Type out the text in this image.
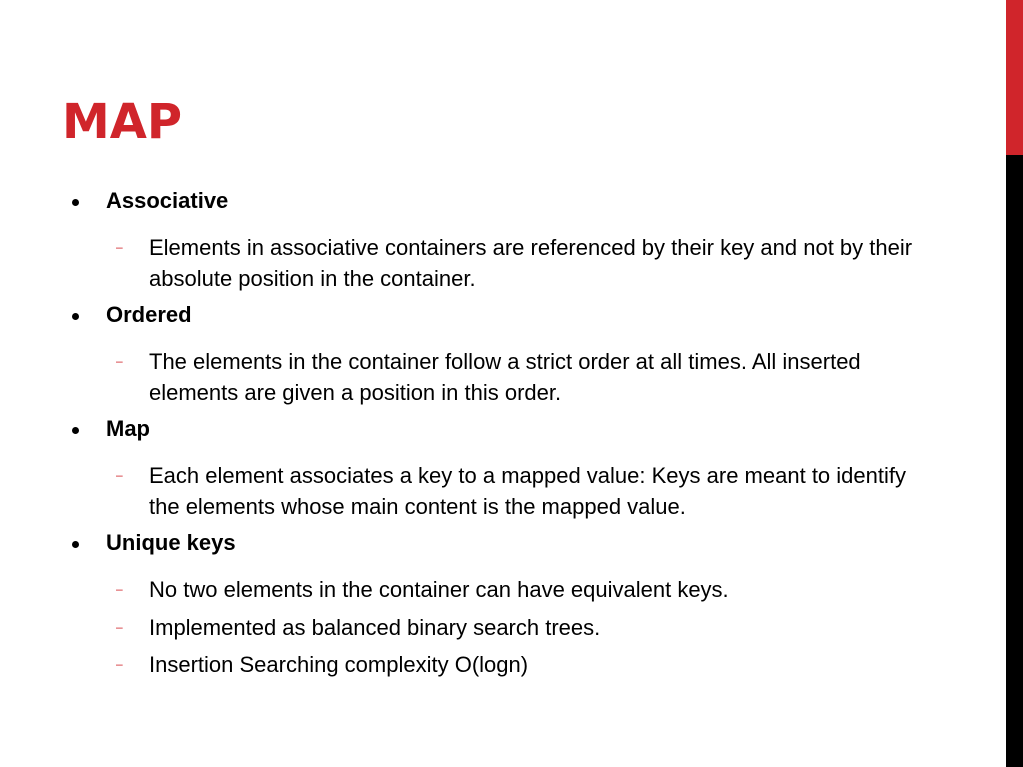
MAP
Associative
– Elements in associative containers are referenced by their key and not by their absolute position in the container.
Ordered
– The elements in the container follow a strict order at all times. All inserted elements are given a position in this order.
Map
– Each element associates a key to a mapped value: Keys are meant to identify the elements whose main content is the mapped value.
Unique keys
– No two elements in the container can have equivalent keys.
– Implemented as balanced binary search trees.
– Insertion Searching complexity O(logn)
